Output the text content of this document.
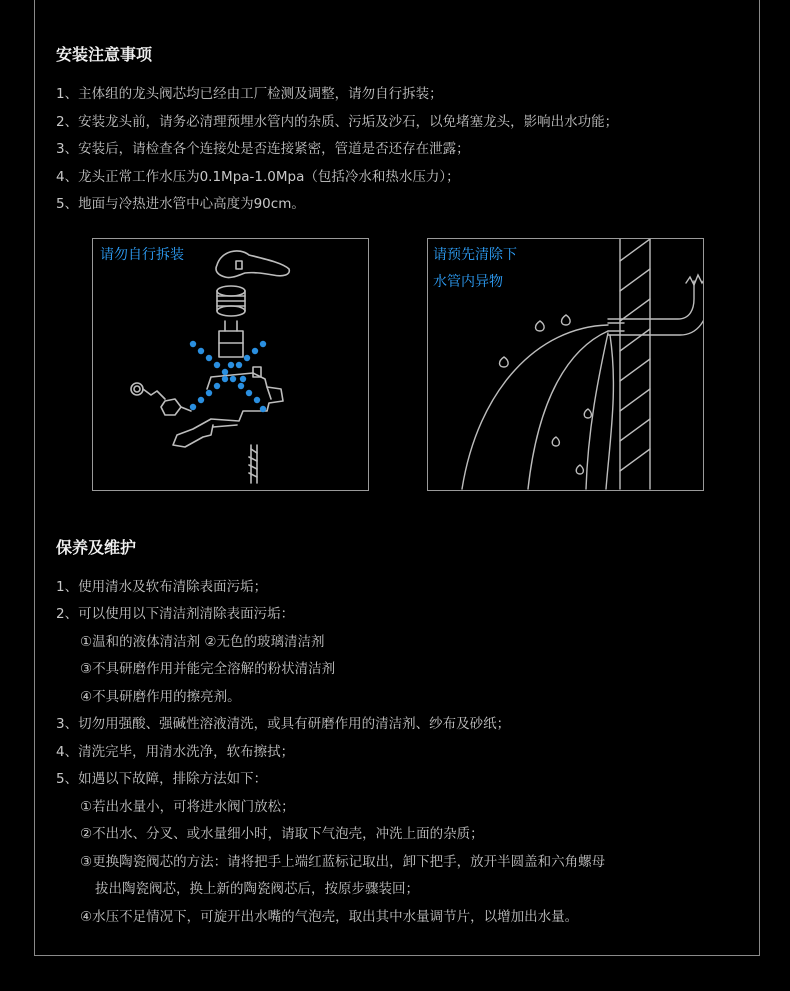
安装注意事项
1、主体组的龙头阀芯均已经由工厂检测及调整，请勿自行拆装；
2、安装龙头前，请务必清理预埋水管内的杂质、污垢及沙石，以免堵塞龙头，影响出水功能；
3、安装后，请检查各个连接处是否连接紧密，管道是否还存在泄露；
4、龙头正常工作水压为0.1Mpa-1.0Mpa（包括冷水和热水压力）；
5、地面与冷热进水管中心高度为90cm。
请勿自行拆装	请预先清除下
水管内异物
保养及维护
1、使用清水及软布清除表面污垢；
2、可以使用以下清洁剂清除表面污垢：
①温和的液体清洁剂 ②无色的玻璃清洁剂
③不具研磨作用并能完全溶解的粉状清洁剂
④不具研磨作用的擦亮剂。
3、切勿用强酸、强碱性溶液清洗，或具有研磨作用的清洁剂、纱布及砂纸；
4、清洗完毕，用清水洗净，软布擦拭；
5、如遇以下故障，排除方法如下：
①若出水量小，可将进水阀门放松；
②不出水、分叉、或水量细小时，请取下气泡壳，冲洗上面的杂质；
③更换陶瓷阀芯的方法：请将把手上端红蓝标记取出，卸下把手，放开半圆盖和六角螺母
拔出陶瓷阀芯，换上新的陶瓷阀芯后，按原步骤装回；
④水压不足情况下，可旋开出水嘴的气泡壳，取出其中水量调节片，以增加出水量。
